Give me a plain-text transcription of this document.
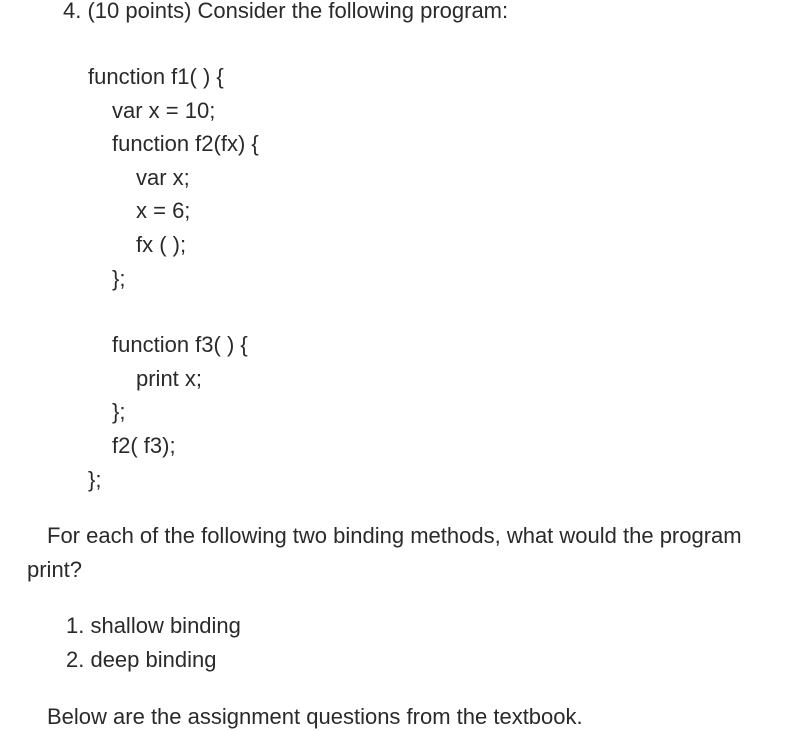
4. (10 points) Consider the following program:
function f1( ) {
var x = 10;
function f2(fx) {
var x;
x = 6;
fx ( );
};
function f3( ) {
print x;
};
f2( f3);
};
For each of the following two binding methods, what would the program
print?
1. shallow binding
2. deep binding
Below are the assignment questions from the textbook.
